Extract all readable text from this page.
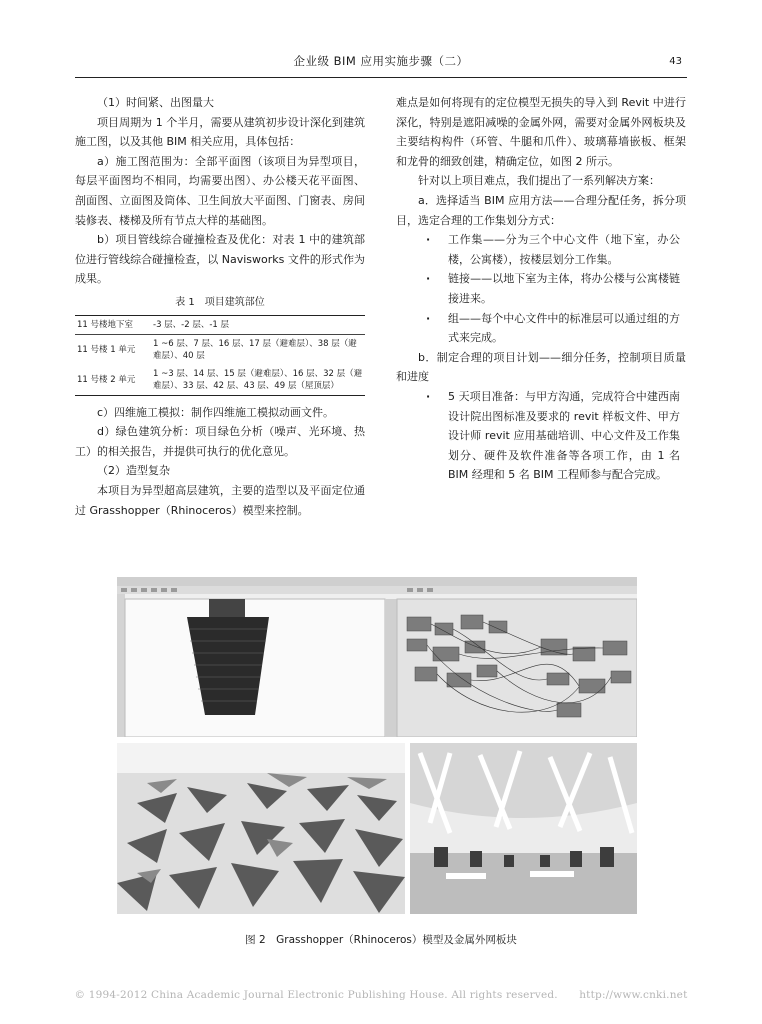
企业级 BIM 应用实施步骤（二）	43

（1）时间紧、出图量大

项目周期为 1 个半月，需要从建筑初步设计深化到建筑施工图，以及其他 BIM 相关应用，具体包括：

a）施工图范围为：全部平面图（该项目为异型项目，每层平面图均不相同，均需要出图）、办公楼天花平面图、剖面图、立面图及筒体、卫生间放大平面图、门窗表、房间装修表、楼梯及所有节点大样的基础图。

b）项目管线综合碰撞检查及优化：对表 1 中的建筑部位进行管线综合碰撞检查，以 Navisworks 文件的形式作为成果。

表 1　项目建筑部位
11 号楼地下室	-3 层、-2 层、-1 层
11 号楼 1 单元	1 ~6 层、7 层、16 层、17 层（避难层）、38 层（避难层）、40 层
11 号楼 2 单元	1 ~3 层、14 层、15 层（避难层）、16 层、32 层（避难层）、33 层、42 层、43 层、49 层（屋顶层）

c）四维施工模拟：制作四维施工模拟动画文件。

d）绿色建筑分析：项目绿色分析（噪声、光环境、热工）的相关报告，并提供可执行的优化意见。

（2）造型复杂

本项目为异型超高层建筑，主要的造型以及平面定位通过 Grasshopper（Rhinoceros）模型来控制。

难点是如何将现有的定位模型无损失的导入到 Revit 中进行深化，特别是遮阳减噪的金属外网，需要对金属外网板块及主要结构构件（环管、牛腿和爪件）、玻璃幕墙嵌板、框架和龙骨的细致创建，精确定位，如图 2 所示。

针对以上项目难点，我们提出了一系列解决方案：

a．选择适当 BIM 应用方法——合理分配任务，拆分项目，选定合理的工作集划分方式：

· 工作集——分为三个中心文件（地下室，办公楼，公寓楼），按楼层划分工作集。
· 链接——以地下室为主体，将办公楼与公寓楼链接进来。
· 组——每个中心文件中的标准层可以通过组的方式来完成。

b．制定合理的项目计划——细分任务，控制项目质量和进度

· 5 天项目准备：与甲方沟通，完成符合中建西南设计院出图标准及要求的 revit 样板文件、甲方设计师 revit 应用基础培训、中心文件及工作集划分、硬件及软件准备等各项工作，由 1 名 BIM 经理和 5 名 BIM 工程师参与配合完成。
图 2　Grasshopper（Rhinoceros）模型及金属外网板块
© 1994-2012 China Academic Journal Electronic Publishing House. All rights reserved.　　http://www.cnki.net
